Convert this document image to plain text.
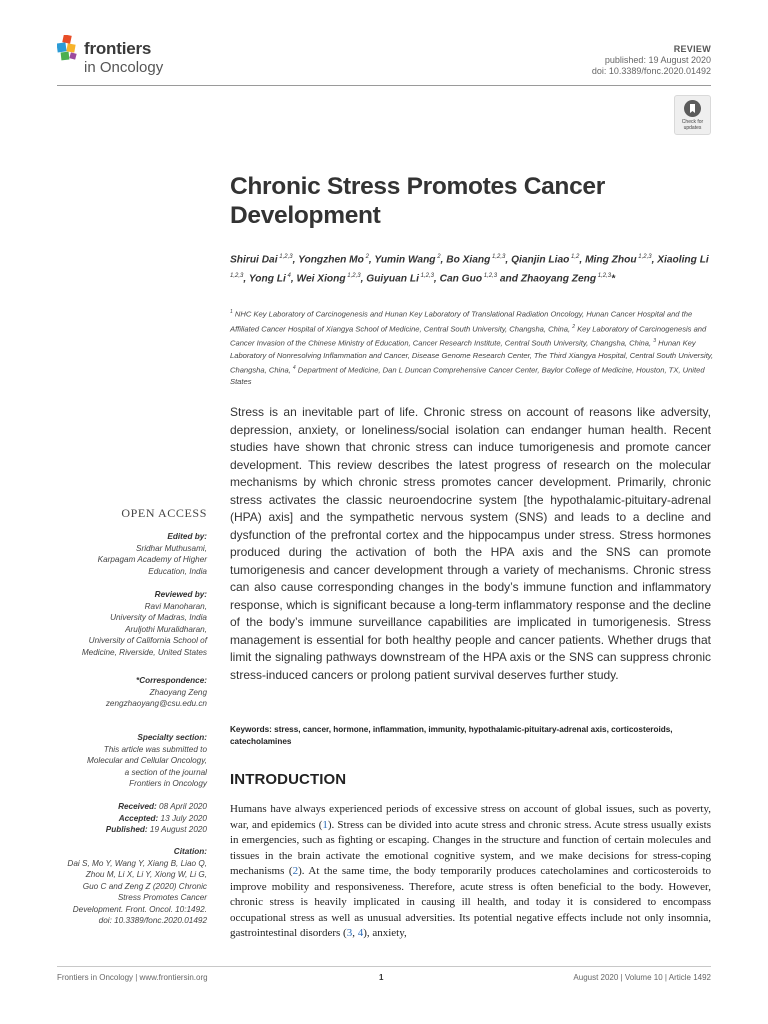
frontiers
in Oncology
REVIEW
published: 19 August 2020
doi: 10.3389/fonc.2020.01492
Check for updates
Chronic Stress Promotes Cancer Development
Shirui Dai $^{1,2,3}$, Yongzhen Mo $^2$, Yumin Wang $^2$, Bo Xiang $^{1,2,3}$, Qianjin Liao $^{1,2}$, Ming Zhou $^{1,2,3}$, Xiaoling Li $^{1,2,3}$, Yong Li $^4$, Wei Xiong $^{1,2,3}$, Guiyuan Li $^{1,2,3}$, Can Guo $^{1,2,3}$ and Zhaoyang Zeng $^{1,2,3}$*
$^1$ NHC Key Laboratory of Carcinogenesis and Hunan Key Laboratory of Translational Radiation Oncology, Hunan Cancer Hospital and the Affiliated Cancer Hospital of Xiangya School of Medicine, Central South University, Changsha, China, $^2$ Key Laboratory of Carcinogenesis and Cancer Invasion of the Chinese Ministry of Education, Cancer Research Institute, Central South University, Changsha, China, $^3$ Hunan Key Laboratory of Nonresolving Inflammation and Cancer, Disease Genome Research Center, The Third Xiangya Hospital, Central South University, Changsha, China, $^4$ Department of Medicine, Dan L Duncan Comprehensive Cancer Center, Baylor College of Medicine, Houston, TX, United States
OPEN ACCESS
Edited by:
Sridhar Muthusami,
Karpagam Academy of Higher
Education, India
Reviewed by:
Ravi Manoharan,
University of Madras, India
Aruljothi Muralidharan,
University of California School of
Medicine, Riverside, United States
*Correspondence:
Zhaoyang Zeng
zengzhaoyang@csu.edu.cn
Specialty section:
This article was submitted to
Molecular and Cellular Oncology,
a section of the journal
Frontiers in Oncology
Received: 08 April 2020
Accepted: 13 July 2020
Published: 19 August 2020
Citation:
Dai S, Mo Y, Wang Y, Xiang B, Liao Q,
Zhou M, Li X, Li Y, Xiong W, Li G,
Guo C and Zeng Z (2020) Chronic
Stress Promotes Cancer
Development. Front. Oncol. 10:1492.
doi: 10.3389/fonc.2020.01492
Stress is an inevitable part of life. Chronic stress on account of reasons like adversity, depression, anxiety, or loneliness/social isolation can endanger human health. Recent studies have shown that chronic stress can induce tumorigenesis and promote cancer development. This review describes the latest progress of research on the molecular mechanisms by which chronic stress promotes cancer development. Primarily, chronic stress activates the classic neuroendocrine system [the hypothalamic-pituitary-adrenal (HPA) axis] and the sympathetic nervous system (SNS) and leads to a decline and dysfunction of the prefrontal cortex and the hippocampus under stress. Stress hormones produced during the activation of both the HPA axis and the SNS can promote tumorigenesis and cancer development through a variety of mechanisms. Chronic stress can also cause corresponding changes in the body’s immune function and inflammatory response, which is significant because a long-term inflammatory response and the decline of the body’s immune surveillance capabilities are implicated in tumorigenesis. Stress management is essential for both healthy people and cancer patients. Whether drugs that limit the signaling pathways downstream of the HPA axis or the SNS can suppress chronic stress-induced cancers or prolong patient survival deserves further study.
Keywords: stress, cancer, hormone, inflammation, immunity, hypothalamic-pituitary-adrenal axis, corticosteroids, catecholamines
INTRODUCTION
Humans have always experienced periods of excessive stress on account of global issues, such as poverty, war, and epidemics (1). Stress can be divided into acute stress and chronic stress. Acute stress usually exists in emergencies, such as fighting or escaping. Changes in the structure and function of certain molecules and tissues in the brain activate the emotional cognitive system, and we make decisions for stress-coping mechanisms (2). At the same time, the body temporarily produces catecholamines and corticosteroids to improve mobility and responsiveness. Therefore, acute stress is often beneficial to the body. However, chronic stress is heavily implicated in causing ill health, and today it is considered to encompass occupational stress as well as unusual adversities. Its potential negative effects include not only insomnia, gastrointestinal disorders (3, 4), anxiety,
Frontiers in Oncology | www.frontiersin.org	1	August 2020 | Volume 10 | Article 1492
